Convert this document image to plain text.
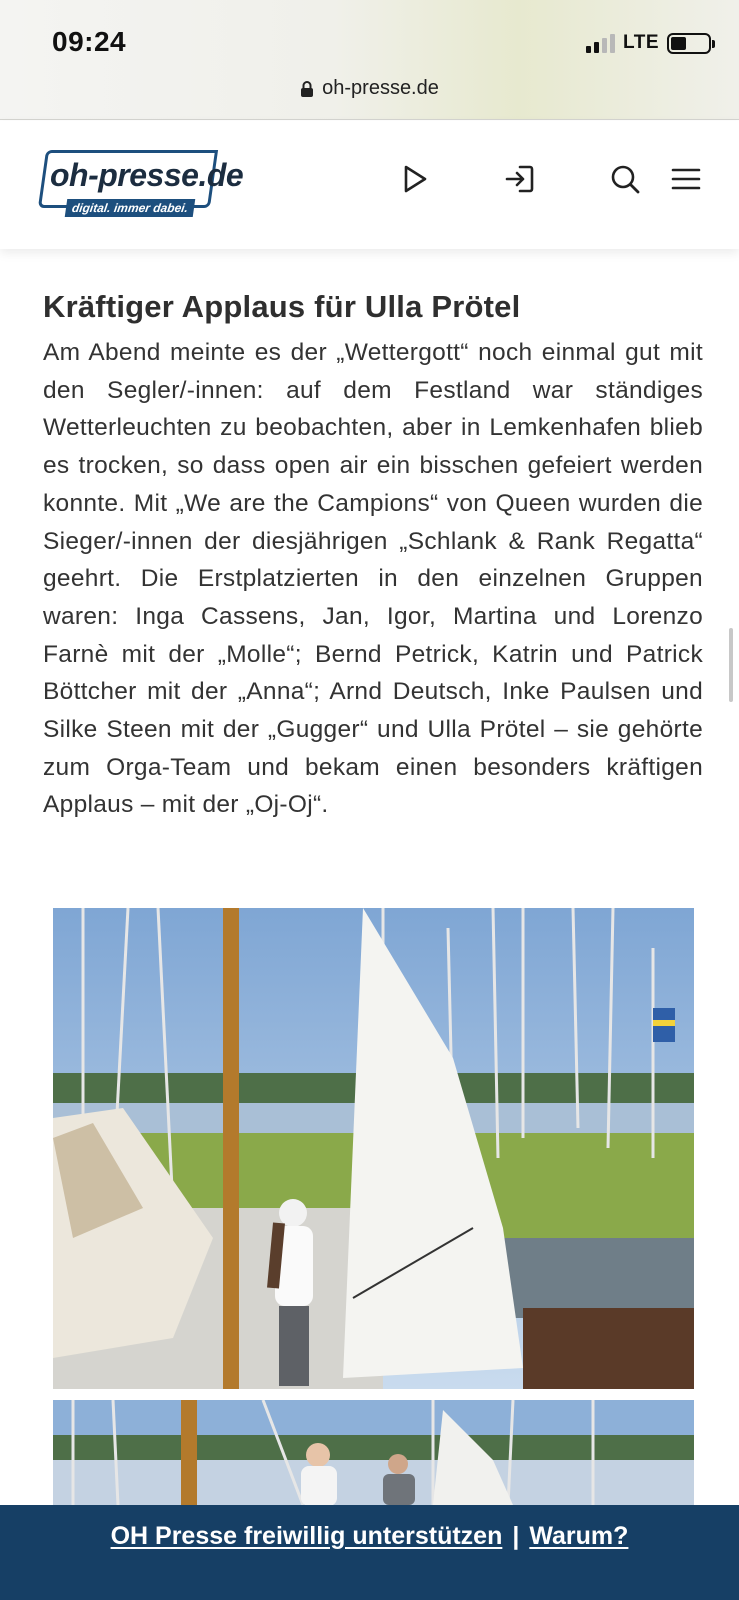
09:24	LTE
oh-presse.de
oh-presse.de
digital. immer dabei.
Kräftiger Applaus für Ulla Prötel

Am Abend meinte es der „Wettergott“ noch einmal gut mit den Segler/-innen: auf dem Festland war ständiges Wetterleuchten zu beobachten, aber in Lemkenhafen blieb es trocken, so dass open air ein bisschen gefeiert werden konnte. Mit „We are the Campions“ von Queen wurden die Sieger/-innen der diesjährigen „Schlank & Rank Regatta“ geehrt. Die Erstplatzierten in den einzelnen Gruppen waren: Inga Cassens, Jan, Igor, Martina und Lorenzo Farnè mit der „Molle“; Bernd Petrick, Katrin und Patrick Böttcher mit der „Anna“; Arnd Deutsch, Inke Paulsen und Silke Steen mit der „Gugger“ und Ulla Prötel – sie gehörte zum Orga-Team und bekam einen besonders kräftigen Applaus – mit der „Oj-Oj“.

OH Presse freiwillig unterstützen | Warum?
